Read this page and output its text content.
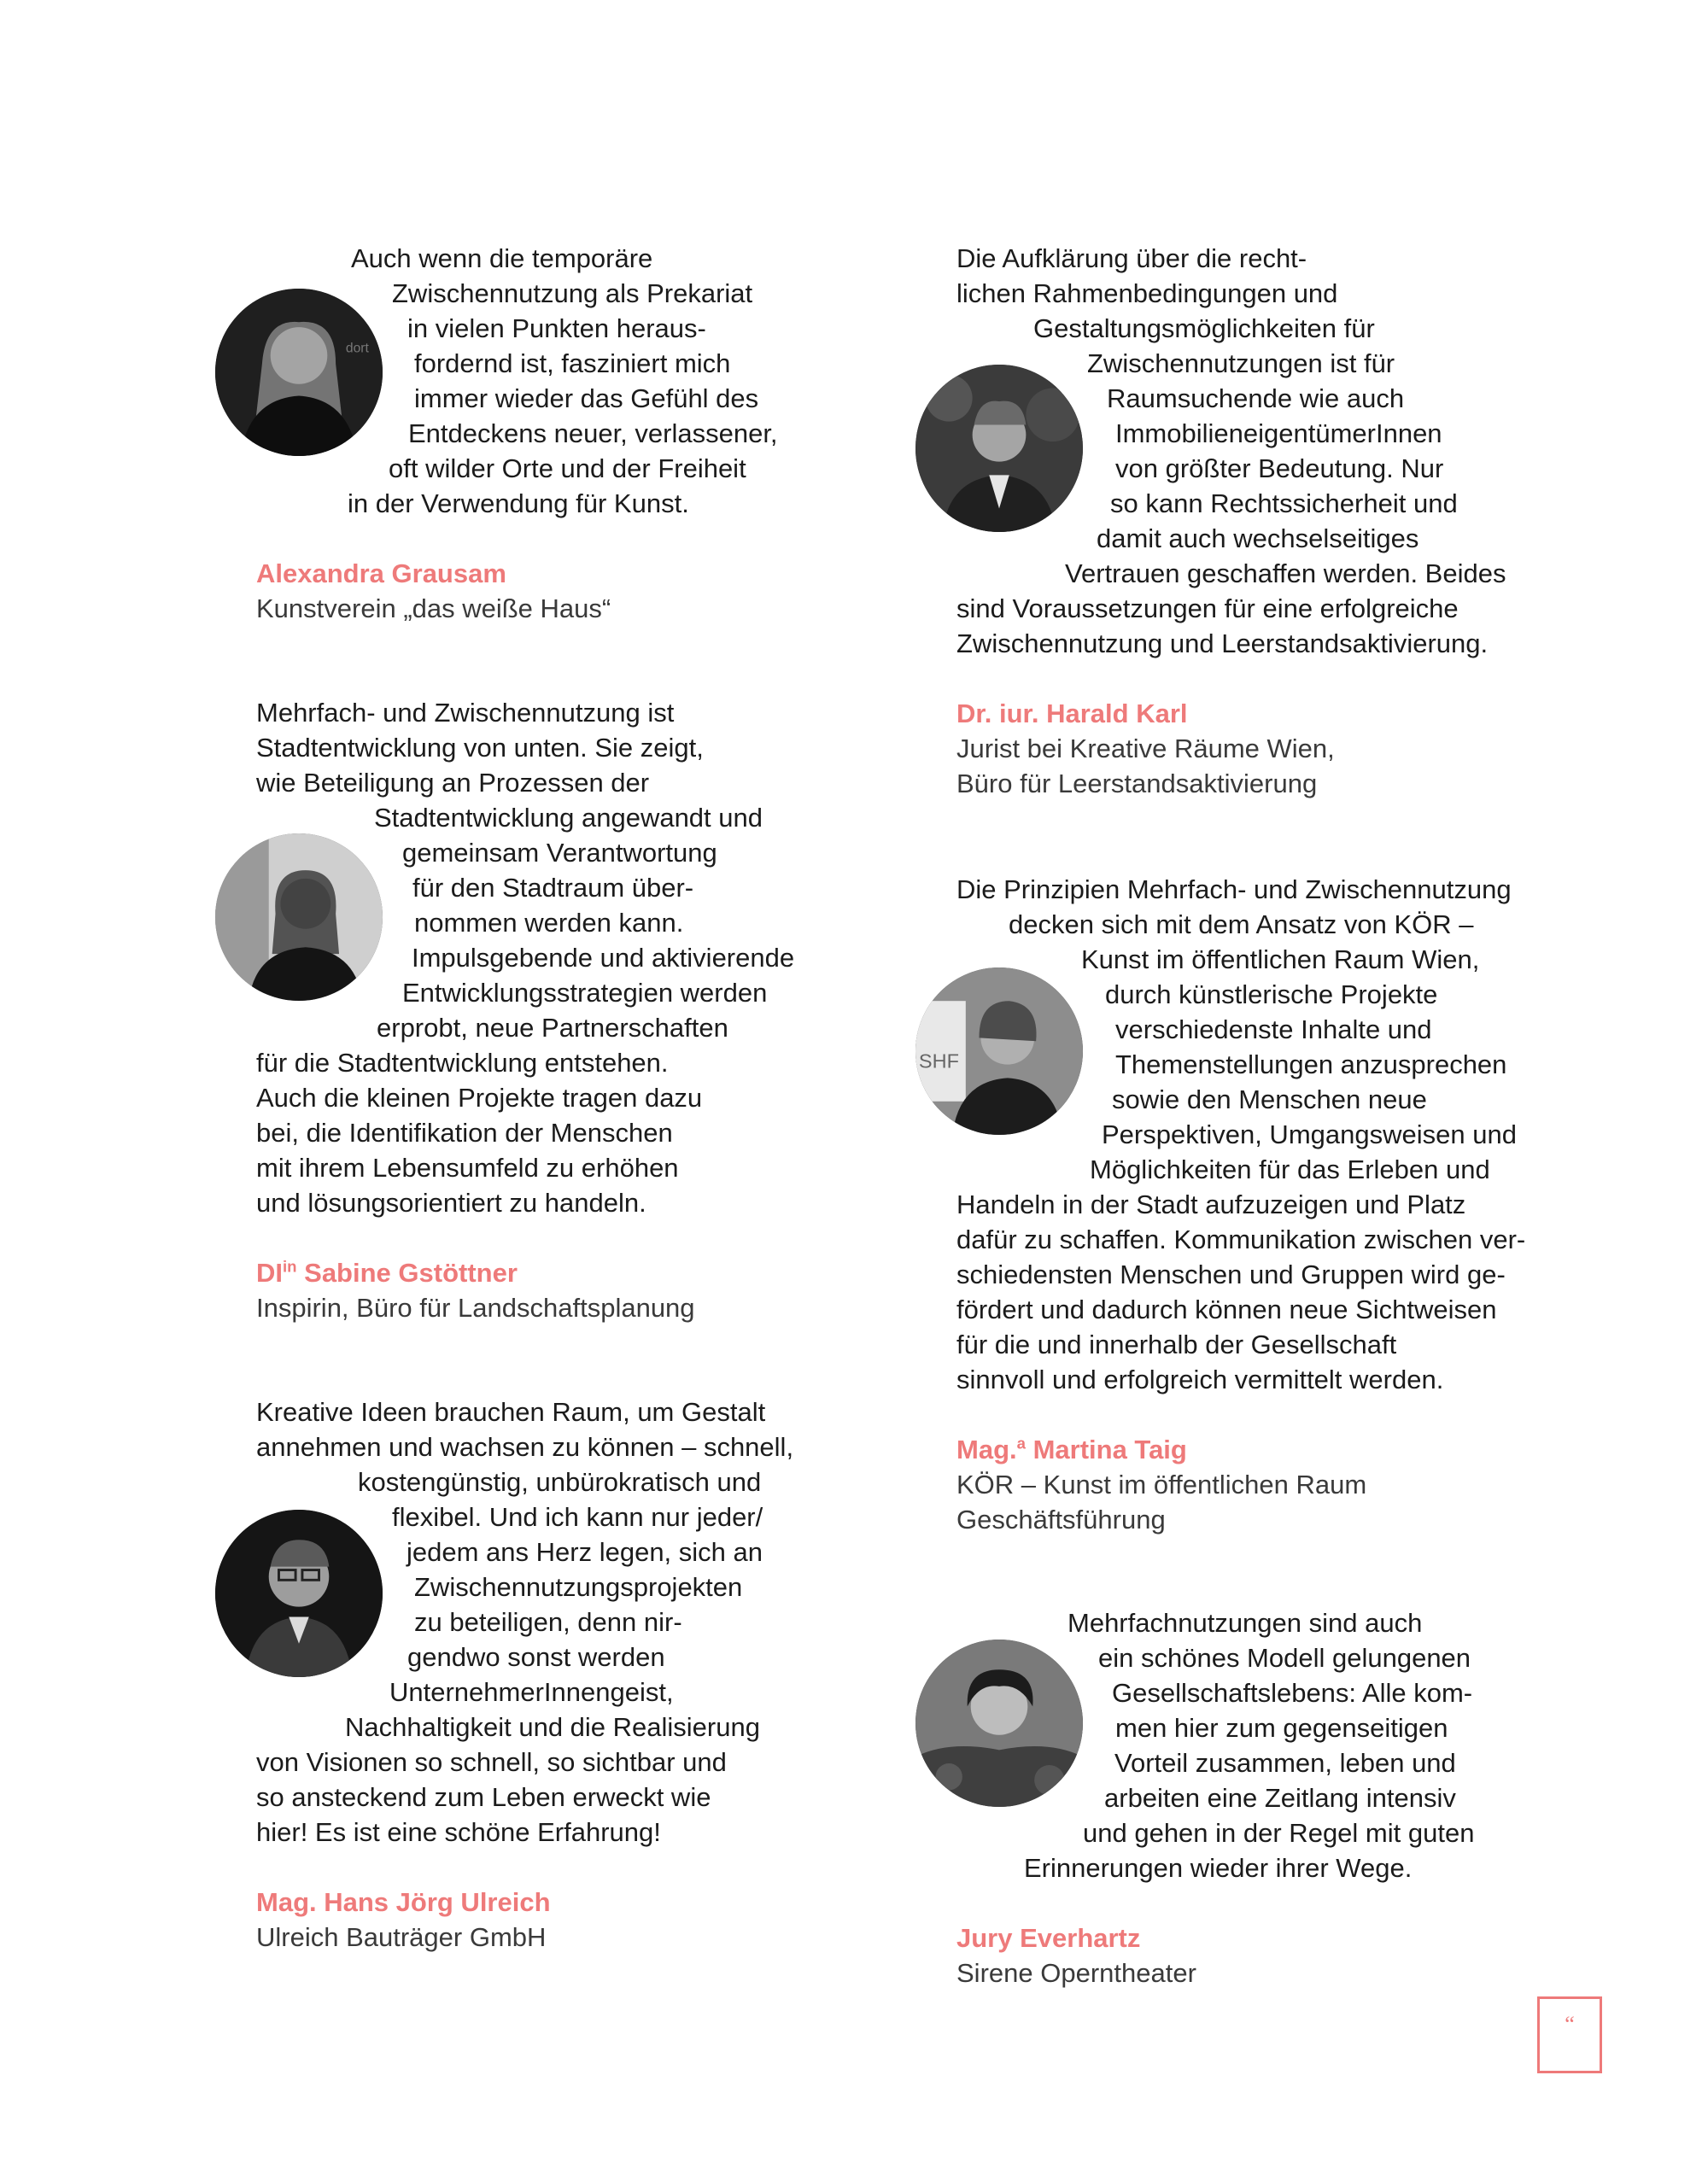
dort
Auch wenn die temporäre
Zwischennutzung als Prekariat
in vielen Punkten heraus-
fordernd ist, fasziniert mich
immer wieder das Gefühl des
Entdeckens neuer, verlassener,
oft wilder Orte und der Freiheit
in der Verwendung für Kunst.
Alexandra Grausam
Kunstverein „das weiße Haus“
Mehrfach- und Zwischennutzung ist
Stadtentwicklung von unten. Sie zeigt,
wie Beteiligung an Prozessen der
Stadtentwicklung angewandt und
gemeinsam Verantwortung
für den Stadtraum über-
nommen werden kann.
Impulsgebende und aktivierende
Entwicklungsstrategien werden
erprobt, neue Partnerschaften
für die Stadtentwicklung entstehen.
Auch die kleinen Projekte tragen dazu
bei, die Identifikation der Menschen
mit ihrem Lebensumfeld zu erhöhen
und lösungsorientiert zu handeln.
$DI^{in}$ Sabine Gstöttner
Inspirin, Büro für Landschaftsplanung
Kreative Ideen brauchen Raum, um Gestalt
annehmen und wachsen zu können – schnell,
kostengünstig, unbürokratisch und
flexibel. Und ich kann nur jeder/
jedem ans Herz legen, sich an
Zwischennutzungsprojekten
zu beteiligen, denn nir-
gendwo sonst werden
UnternehmerInnengeist,
Nachhaltigkeit und die Realisierung
von Visionen so schnell, so sichtbar und
so ansteckend zum Leben erweckt wie
hier! Es ist eine schöne Erfahrung!
Mag. Hans Jörg Ulreich
Ulreich Bauträger GmbH
Die Aufklärung über die recht-
lichen Rahmenbedingungen und
Gestaltungsmöglichkeiten für
Zwischennutzungen ist für
Raumsuchende wie auch
ImmobilieneigentümerInnen
von größter Bedeutung. Nur
so kann Rechtssicherheit und
damit auch wechselseitiges
Vertrauen geschaffen werden. Beides
sind Voraussetzungen für eine erfolgreiche
Zwischennutzung und Leerstandsaktivierung.
Dr. iur. Harald Karl
Jurist bei Kreative Räume Wien,
Büro für Leerstandsaktivierung
SHF
Die Prinzipien Mehrfach- und Zwischennutzung
decken sich mit dem Ansatz von KÖR –
Kunst im öffentlichen Raum Wien,
durch künstlerische Projekte
verschiedenste Inhalte und
Themenstellungen anzusprechen
sowie den Menschen neue
Perspektiven, Umgangsweisen und
Möglichkeiten für das Erleben und
Handeln in der Stadt aufzuzeigen und Platz
dafür zu schaffen. Kommunikation zwischen ver-
schiedensten Menschen und Gruppen wird ge-
fördert und dadurch können neue Sichtweisen
für die und innerhalb der Gesellschaft
sinnvoll und erfolgreich vermittelt werden.
Mag.$^a$ Martina Taig
KÖR – Kunst im öffentlichen Raum
Geschäftsführung
Mehrfachnutzungen sind auch
ein schönes Modell gelungenen
Gesellschaftslebens: Alle kom-
men hier zum gegenseitigen
Vorteil zusammen, leben und
arbeiten eine Zeitlang intensiv
und gehen in der Regel mit guten
Erinnerungen wieder ihrer Wege.
Jury Everhartz
Sirene Operntheater
“
